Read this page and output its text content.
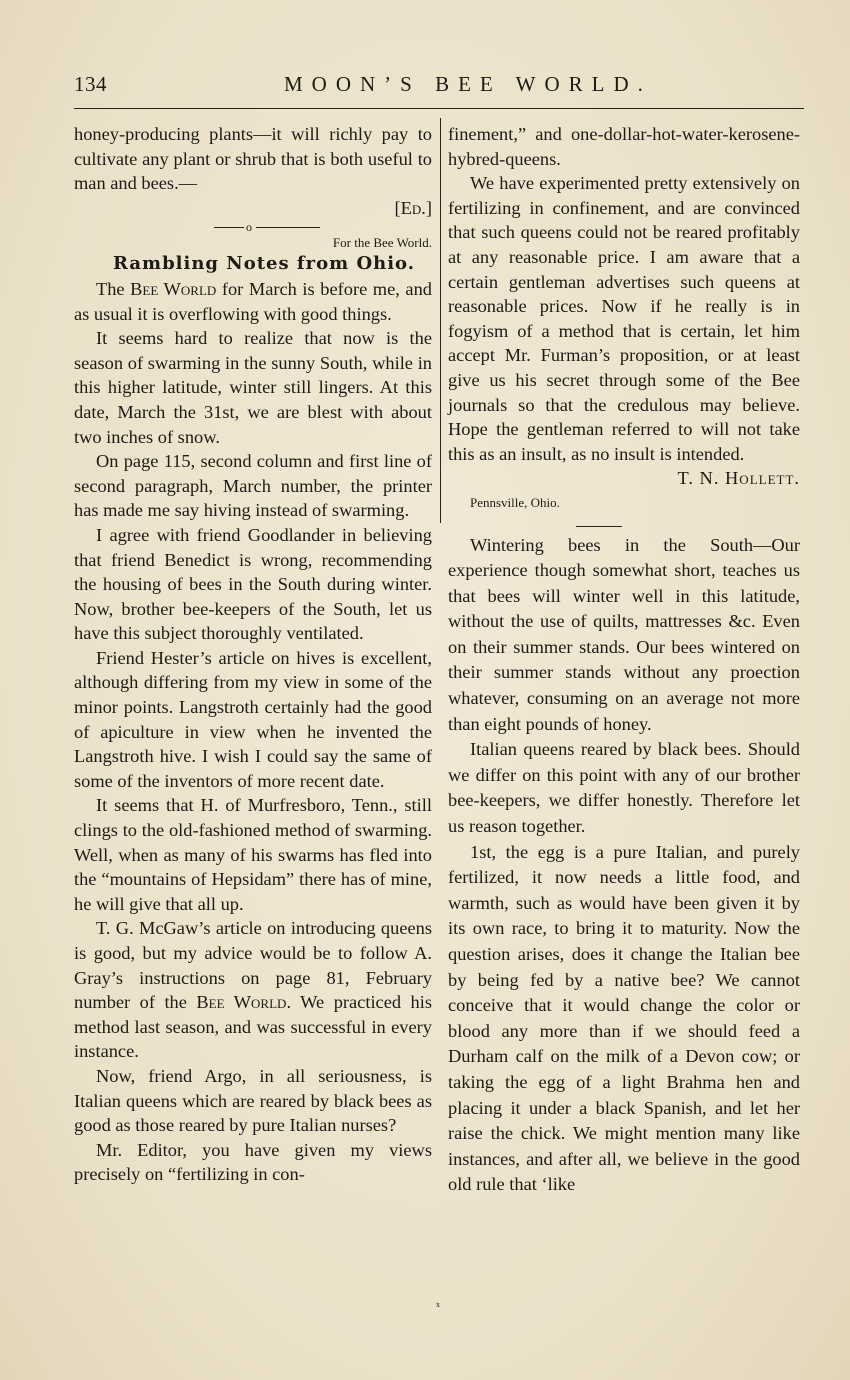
134	MOON’S BEE WORLD.

honey-producing plants—it will richly pay to cultivate any plant or shrub that is both useful to man and bees.—

[Ed.]

o

For the Bee World.

Rambling Notes from Ohio.

The Bee World for March is before me, and as usual it is overflowing with good things.

It seems hard to realize that now is the season of swarming in the sunny South, while in this higher latitude, winter still lingers. At this date, March the 31st, we are blest with about two inches of snow.

On page 115, second column and first line of second paragraph, March number, the printer has made me say hiving instead of swarming.

I agree with friend Goodlander in believing that friend Benedict is wrong, recommending the housing of bees in the South during winter. Now, brother bee-keepers of the South, let us have this subject thoroughly ventilated.

Friend Hester’s article on hives is excellent, although differing from my view in some of the minor points. Langstroth certainly had the good of apiculture in view when he invented the Langstroth hive. I wish I could say the same of some of the inventors of more recent date.

It seems that H. of Murfresboro, Tenn., still clings to the old-fashioned method of swarming. Well, when as many of his swarms has fled into the “mountains of Hepsidam” there has of mine, he will give that all up.

T. G. McGaw’s article on introducing queens is good, but my advice would be to follow A. Gray’s instructions on page 81, February number of the Bee World. We practiced his method last season, and was successful in every instance.

Now, friend Argo, in all seriousness, is Italian queens which are reared by black bees as good as those reared by pure Italian nurses?

Mr. Editor, you have given my views precisely on “fertilizing in con-

finement,” and one-dollar-hot-water-kerosene-hybred-queens.

We have experimented pretty extensively on fertilizing in confinement, and are convinced that such queens could not be reared profitably at any reasonable price. I am aware that a certain gentleman advertises such queens at reasonable prices. Now if he really is in fogyism of a method that is certain, let him accept Mr. Furman’s proposition, or at least give us his secret through some of the Bee journals so that the credulous may believe. Hope the gentleman referred to will not take this as an insult, as no insult is intended.

T. N. Hollett.

Pennsville, Ohio.

Wintering bees in the South—Our experience though somewhat short, teaches us that bees will winter well in this latitude, without the use of quilts, mattresses &c. Even on their summer stands. Our bees wintered on their summer stands without any proection whatever, consuming on an average not more than eight pounds of honey.

Italian queens reared by black bees. Should we differ on this point with any of our brother bee-keepers, we differ honestly. Therefore let us reason together.

1st, the egg is a pure Italian, and purely fertilized, it now needs a little food, and warmth, such as would have been given it by its own race, to bring it to maturity. Now the question arises, does it change the Italian bee by being fed by a native bee? We cannot conceive that it would change the color or blood any more than if we should feed a Durham calf on the milk of a Devon cow; or taking the egg of a light Brahma hen and placing it under a black Spanish, and let her raise the chick. We might mention many like instances, and after all, we believe in the good old rule that ‘like

x
